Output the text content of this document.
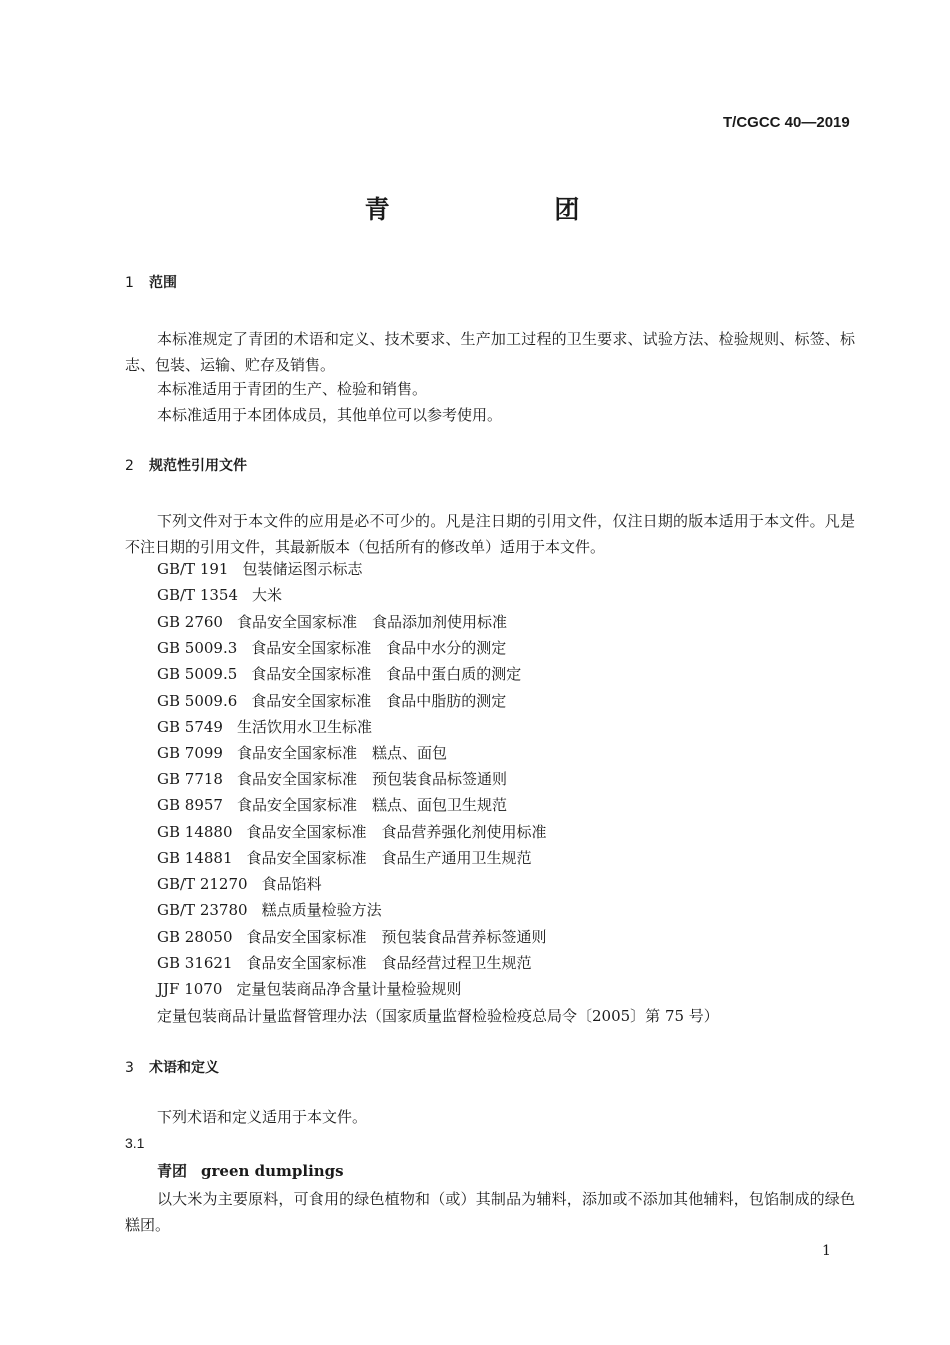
T/CGCC 40—2019
青 团
1 范围
本标准规定了青团的术语和定义、技术要求、生产加工过程的卫生要求、试验方法、检验规则、标签、标志、包装、运输、贮存及销售。
本标准适用于青团的生产、检验和销售。
本标准适用于本团体成员，其他单位可以参考使用。
2 规范性引用文件
下列文件对于本文件的应用是必不可少的。凡是注日期的引用文件，仅注日期的版本适用于本文件。凡是不注日期的引用文件，其最新版本（包括所有的修改单）适用于本文件。
GB/T 191 包装储运图示标志
GB/T 1354 大米
GB 2760 食品安全国家标准　食品添加剂使用标准
GB 5009.3 食品安全国家标准　食品中水分的测定
GB 5009.5 食品安全国家标准　食品中蛋白质的测定
GB 5009.6 食品安全国家标准　食品中脂肪的测定
GB 5749 生活饮用水卫生标准
GB 7099 食品安全国家标准　糕点、面包
GB 7718 食品安全国家标准　预包装食品标签通则
GB 8957 食品安全国家标准　糕点、面包卫生规范
GB 14880 食品安全国家标准　食品营养强化剂使用标准
GB 14881 食品安全国家标准　食品生产通用卫生规范
GB/T 21270 食品馅料
GB/T 23780 糕点质量检验方法
GB 28050 食品安全国家标准　预包装食品营养标签通则
GB 31621 食品安全国家标准　食品经营过程卫生规范
JJF 1070 定量包装商品净含量计量检验规则
定量包装商品计量监督管理办法（国家质量监督检验检疫总局令〔2005〕第 75 号）
3 术语和定义
下列术语和定义适用于本文件。
3.1
青团 green dumplings
以大米为主要原料，可食用的绿色植物和（或）其制品为辅料，添加或不添加其他辅料，包馅制成的绿色糕团。
1
